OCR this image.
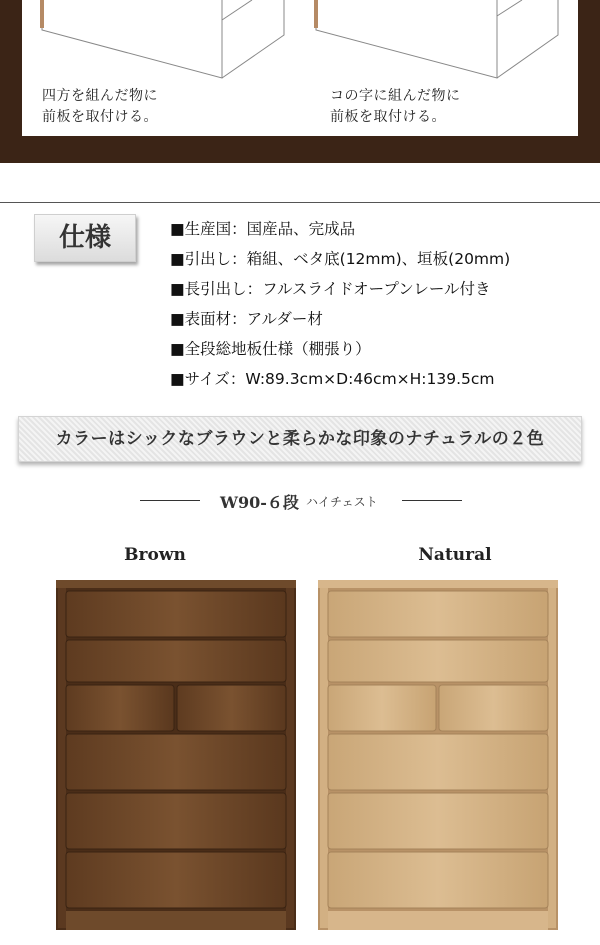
四方を組んだ物に
前板を取付ける。
コの字に組んだ物に
前板を取付ける。
仕様	■生産国：国産品、完成品
■引出し：箱組、ベタ底(12mm)、垣板(20mm)
■長引出し：フルスライドオープンレール付き
■表面材：アルダー材
■全段総地板仕様（棚張り）
■サイズ：W:89.3cm×D:46cm×H:139.5cm
カラーはシックなブラウンと柔らかな印象のナチュラルの２色
W90-６段 ハイチェスト
Brown	Natural
